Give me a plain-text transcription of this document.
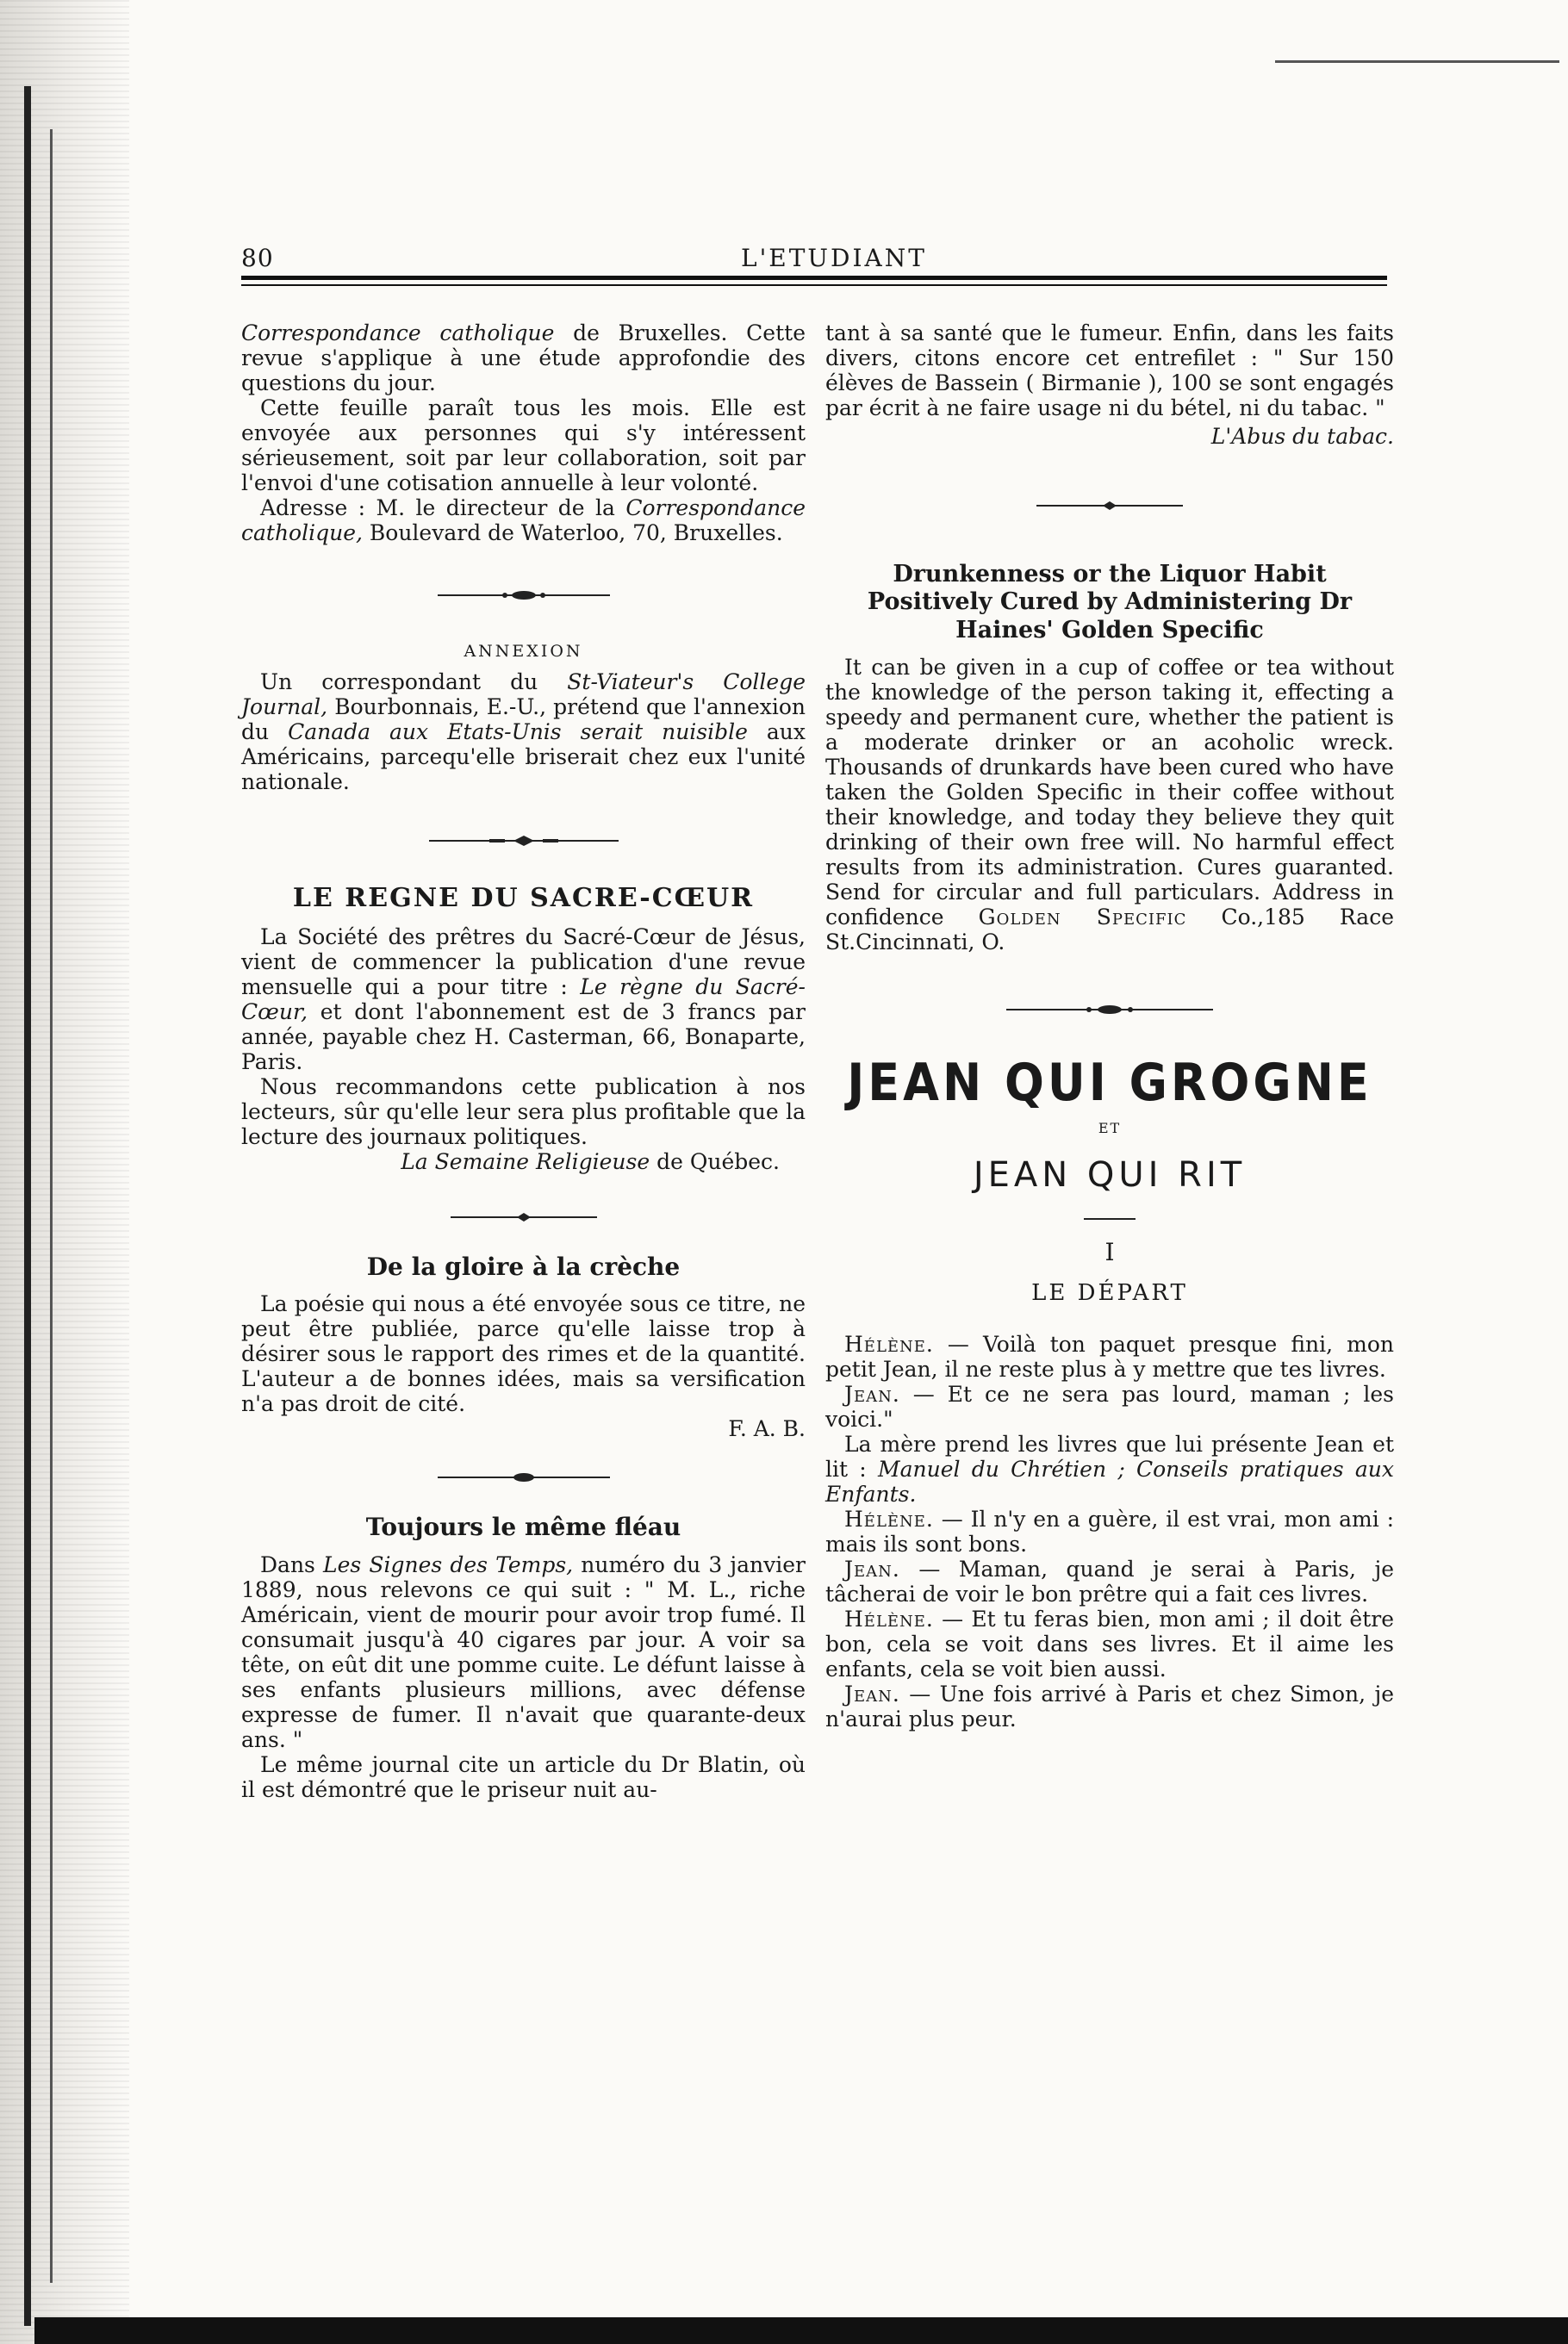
80	L'ETUDIANT

Correspondance catholique de Bruxelles. Cette revue s'applique à une étude approfondie des questions du jour.

Cette feuille paraît tous les mois. Elle est envoyée aux personnes qui s'y intéressent sérieusement, soit par leur collaboration, soit par l'envoi d'une cotisation annuelle à leur volonté.

Adresse : M. le directeur de la Correspondance catholique, Boulevard de Waterloo, 70, Bruxelles.

ANNEXION

Un correspondant du St-Viateur's College Journal, Bourbonnais, E.-U., prétend que l'annexion du Canada aux Etats-Unis serait nuisible aux Américains, parcequ'elle briserait chez eux l'unité nationale.

LE REGNE DU SACRE-CŒUR

La Société des prêtres du Sacré-Cœur de Jésus, vient de commencer la publication d'une revue mensuelle qui a pour titre : Le règne du Sacré-Cœur, et dont l'abonnement est de 3 francs par année, payable chez H. Casterman, 66, Bonaparte, Paris.

Nous recommandons cette publication à nos lecteurs, sûr qu'elle leur sera plus profitable que la lecture des journaux politiques.

La Semaine Religieuse de Québec.

De la gloire à la crèche

La poésie qui nous a été envoyée sous ce titre, ne peut être publiée, parce qu'elle laisse trop à désirer sous le rapport des rimes et de la quantité. L'auteur a de bonnes idées, mais sa versification n'a pas droit de cité.

F. A. B.

Toujours le même fléau

Dans Les Signes des Temps, numéro du 3 janvier 1889, nous relevons ce qui suit : " M. L., riche Américain, vient de mourir pour avoir trop fumé. Il consumait jusqu'à 40 cigares par jour. A voir sa tête, on eût dit une pomme cuite. Le défunt laisse à ses enfants plusieurs millions, avec défense expresse de fumer. Il n'avait que quarante-deux ans. "

Le même journal cite un article du Dr Blatin, où il est démontré que le priseur nuit au-

tant à sa santé que le fumeur. Enfin, dans les faits divers, citons encore cet entrefilet : " Sur 150 élèves de Bassein ( Birmanie ), 100 se sont engagés par écrit à ne faire usage ni du bétel, ni du tabac. "

L'Abus du tabac.

Drunkenness or the Liquor Habit Positively Cured by Administering Dr Haines' Golden Specific

It can be given in a cup of coffee or tea without the knowledge of the person taking it, effecting a speedy and permanent cure, whether the patient is a moderate drinker or an acoholic wreck. Thousands of drunkards have been cured who have taken the Golden Specific in their coffee without their knowledge, and today they believe they quit drinking of their own free will. No harmful effect results from its administration. Cures guaranted. Send for circular and full particulars. Address in confidence Golden Specific Co.,185 Race St.Cincinnati, O.

JEAN QUI GROGNE
ET
JEAN QUI RIT
I
LE DÉPART

Hélène. — Voilà ton paquet presque fini, mon petit Jean, il ne reste plus à y mettre que tes livres.

Jean. — Et ce ne sera pas lourd, maman ; les voici."

La mère prend les livres que lui présente Jean et lit : Manuel du Chrétien ; Conseils pratiques aux Enfants.

Hélène. — Il n'y en a guère, il est vrai, mon ami : mais ils sont bons.

Jean. — Maman, quand je serai à Paris, je tâcherai de voir le bon prêtre qui a fait ces livres.

Hélène. — Et tu feras bien, mon ami ; il doit être bon, cela se voit dans ses livres. Et il aime les enfants, cela se voit bien aussi.

Jean. — Une fois arrivé à Paris et chez Simon, je n'aurai plus peur.
